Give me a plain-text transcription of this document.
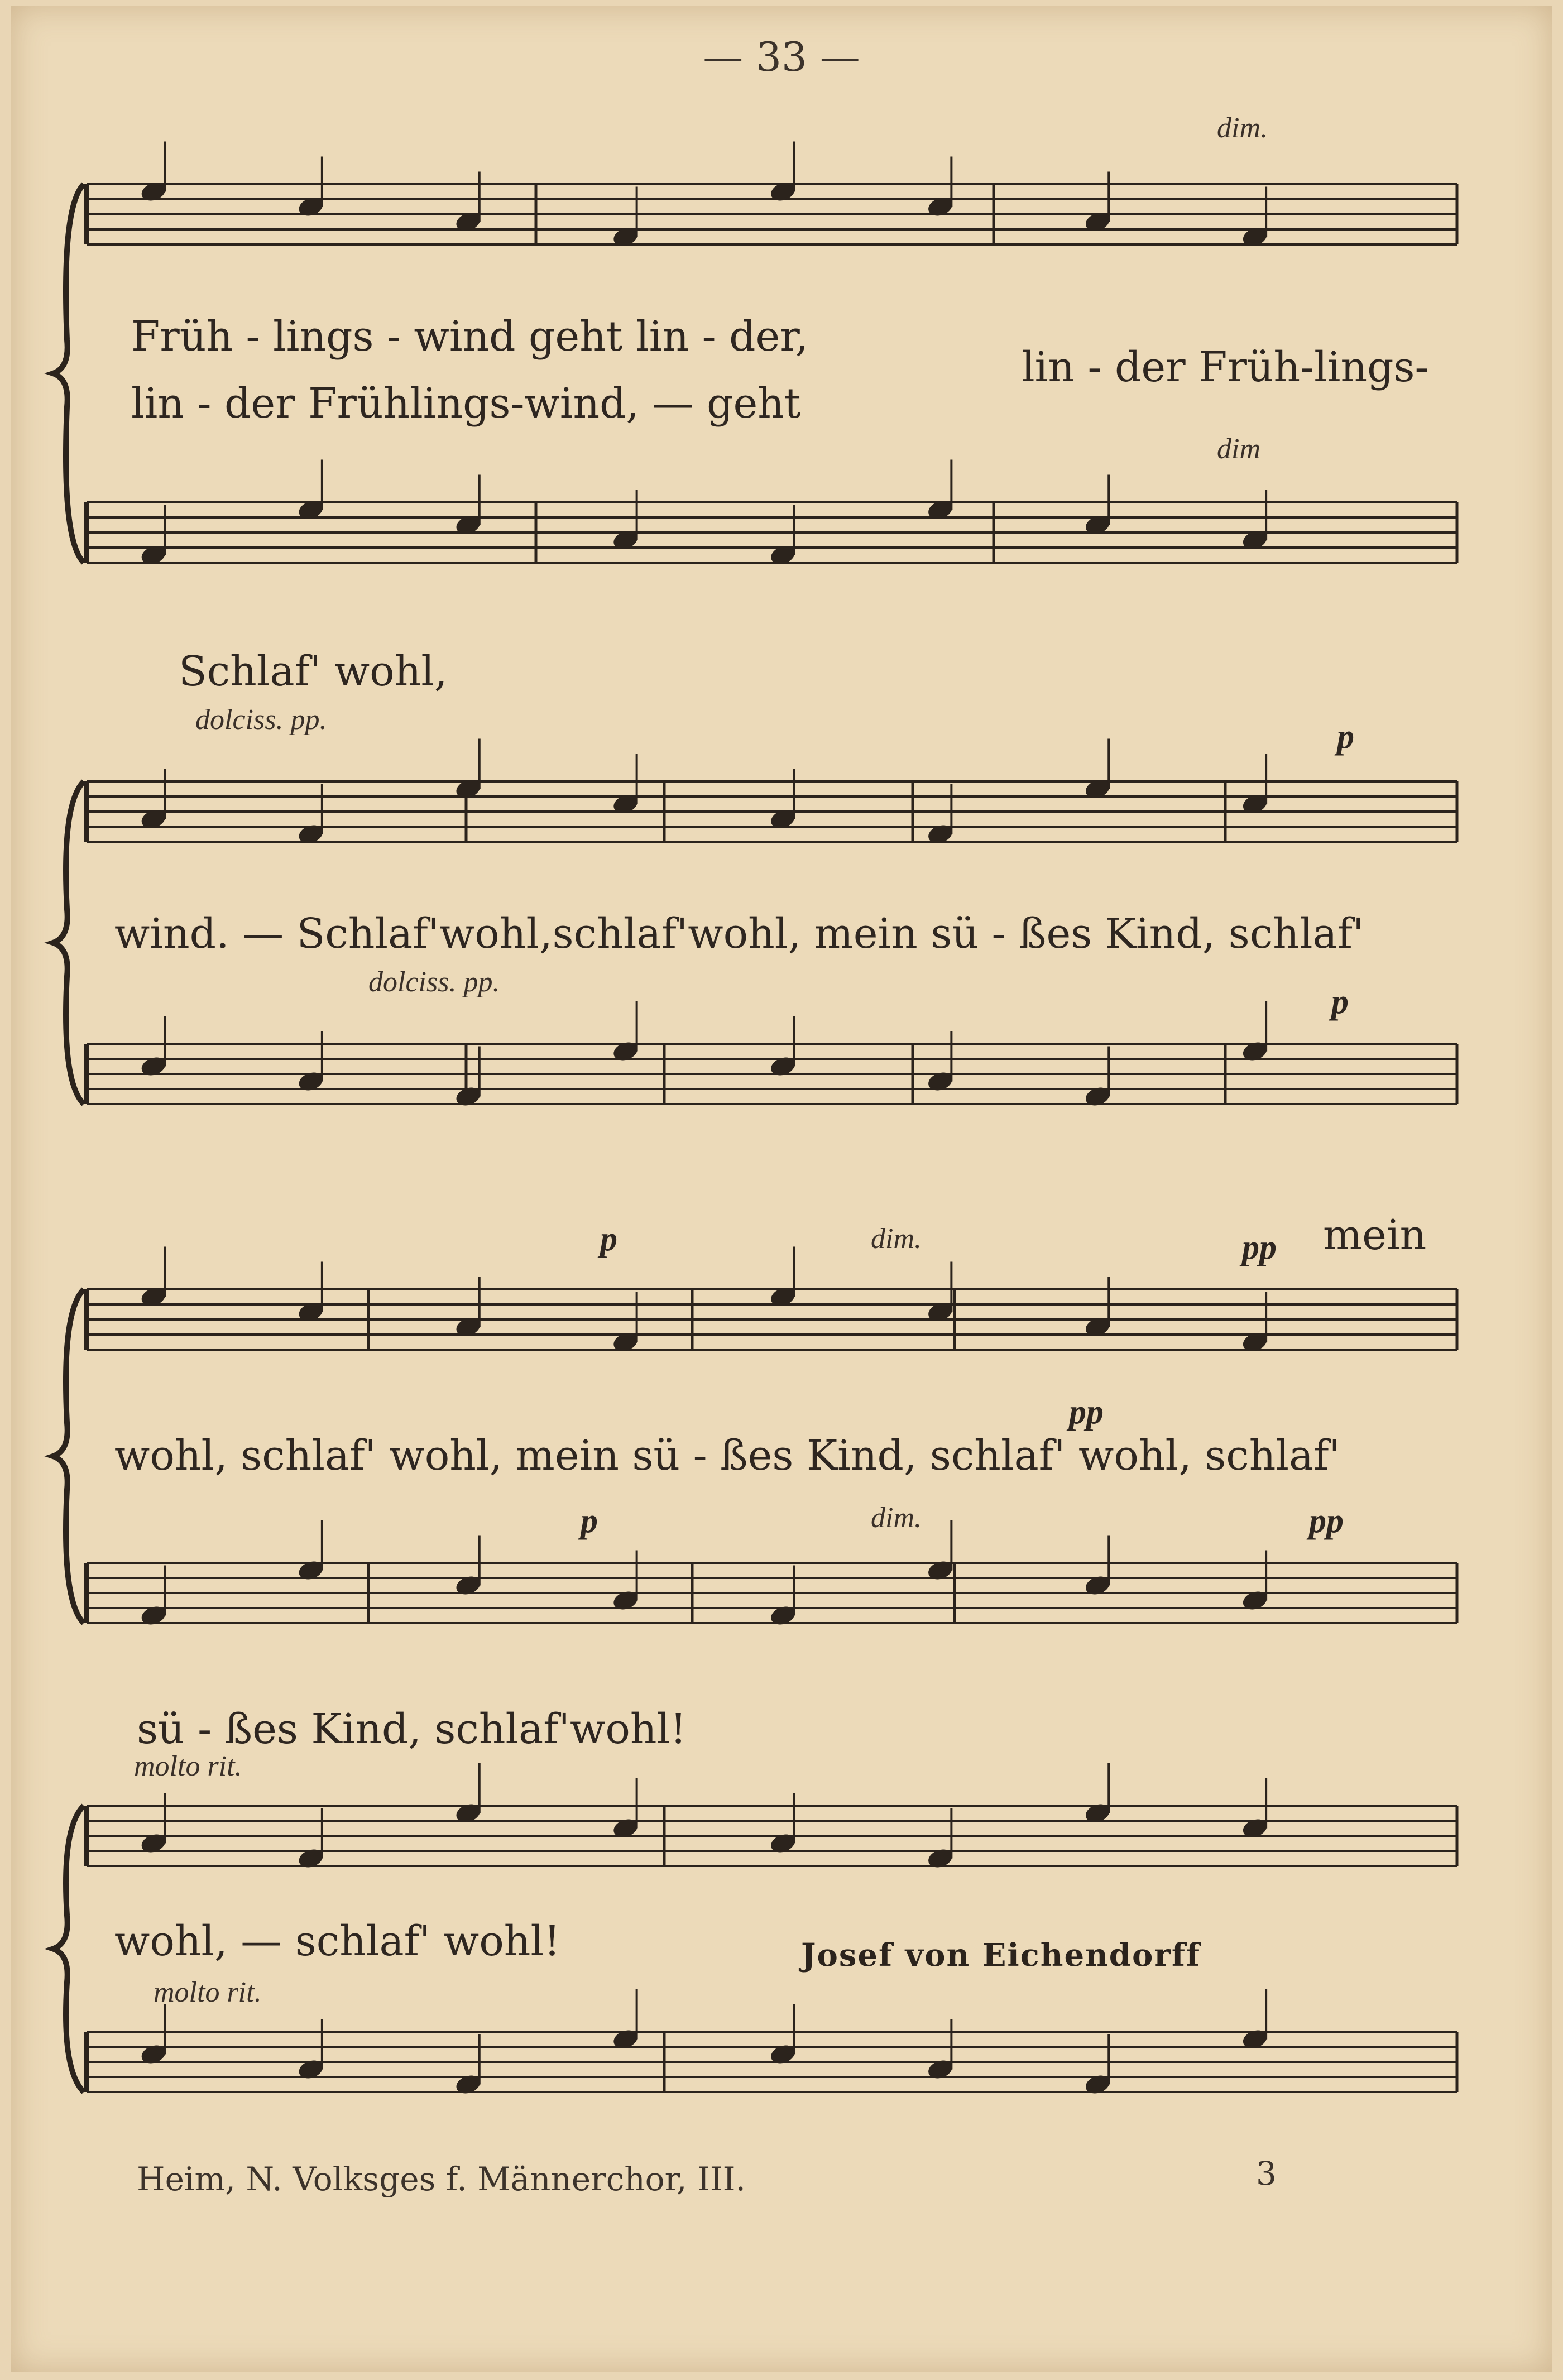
— 33 —
dim.
Früh - lings - wind geht lin - der,
lin - der Früh-lings-
lin - der Frühlings-wind, — geht
dim
Schlaf' wohl,
dolciss. pp.	p
wind. — Schlaf'wohl,schlaf'wohl, mein sü - ßes Kind, schlaf'
dolciss. pp.
p
p	dim.	pp mein
pp
wohl, schlaf' wohl, mein sü - ßes Kind, schlaf' wohl, schlaf'
p	dim.	pp
sü - ßes Kind, schlaf'wohl!
molto rit.
wohl, — schlaf' wohl!	Josef von Eichendorff
molto rit.
Heim, N. Volksges f. Männerchor, III.	3
